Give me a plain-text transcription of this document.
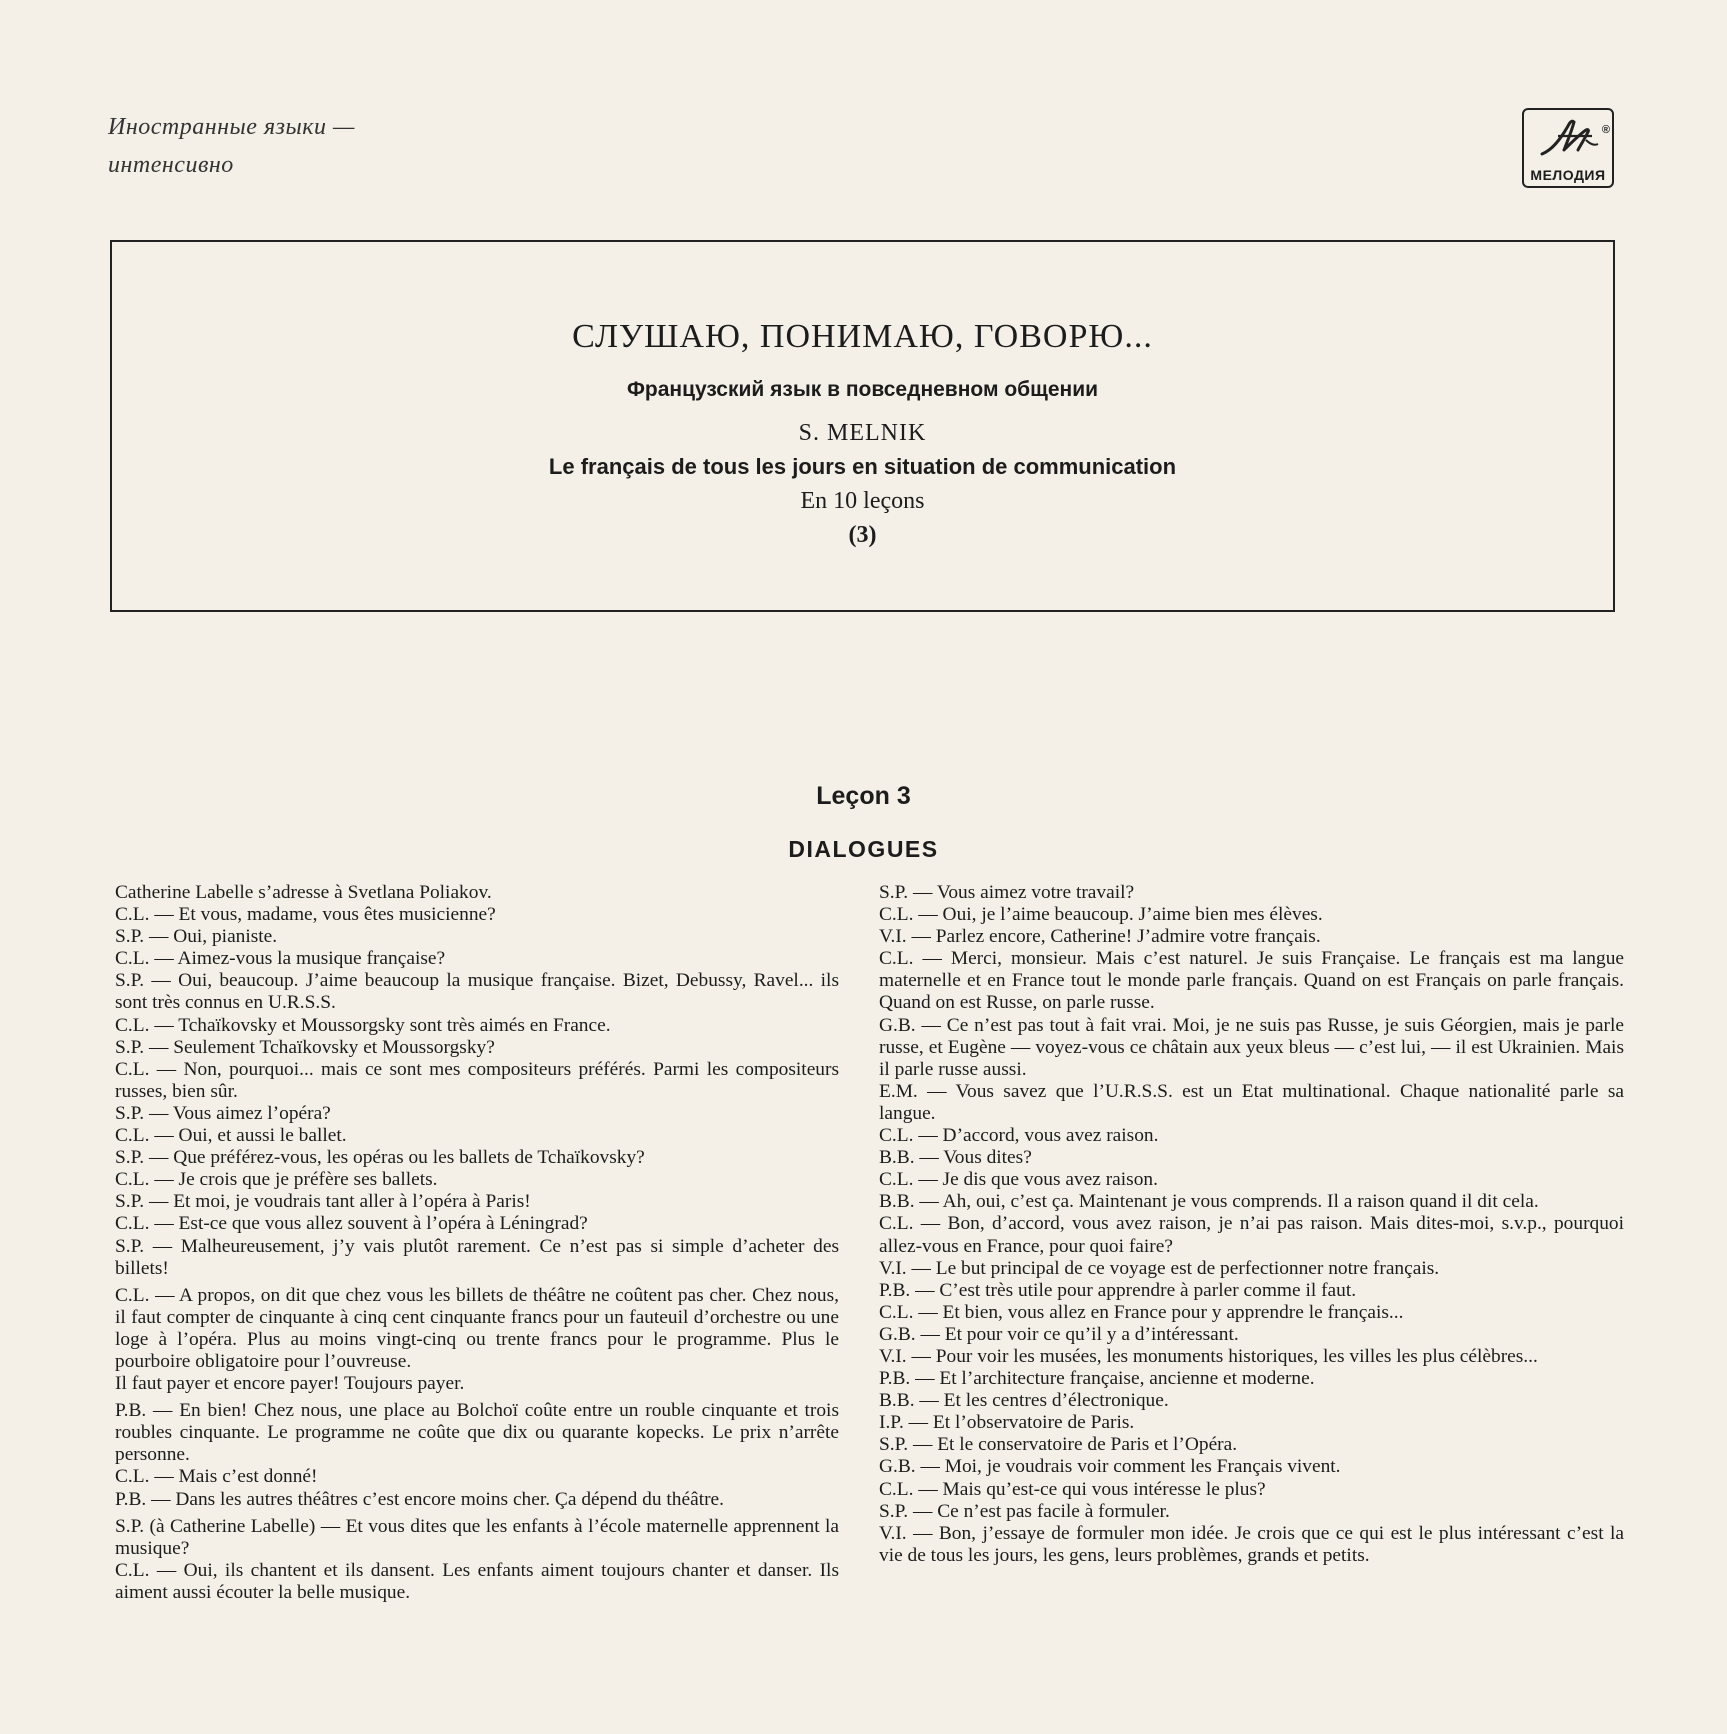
Иностранные языки —
интенсивно
®
МЕЛОДИЯ
СЛУШАЮ, ПОНИМАЮ, ГОВОРЮ...
Французский язык в повседневном общении
S. MELNIK
Le français de tous les jours en situation de communication
En 10 leçons
(3)
Leçon 3
DIALOGUES

Catherine Labelle s’adresse à Svetlana Poliakov.

C.L. — Et vous, madame, vous êtes musicienne?

S.P. — Oui, pianiste.

C.L. — Aimez-vous la musique française?

S.P. — Oui, beaucoup. J’aime beaucoup la musique française. Bizet, Debussy, Ravel... ils sont très connus en U.R.S.S.

C.L. — Tchaïkovsky et Moussorgsky sont très aimés en France.

S.P. — Seulement Tchaïkovsky et Moussorgsky?

C.L. — Non, pourquoi... mais ce sont mes compositeurs préférés. Parmi les compositeurs russes, bien sûr.

S.P. — Vous aimez l’opéra?

C.L. — Oui, et aussi le ballet.

S.P. — Que préférez-vous, les opéras ou les ballets de Tchaïkovsky?

C.L. — Je crois que je préfère ses ballets.

S.P. — Et moi, je voudrais tant aller à l’opéra à Paris!

C.L. — Est-ce que vous allez souvent à l’opéra à Léningrad?

S.P. — Malheureusement, j’y vais plutôt rarement. Ce n’est pas si simple d’acheter des billets!

C.L. — A propos, on dit que chez vous les billets de théâtre ne coûtent pas cher. Chez nous, il faut compter de cinquante à cinq cent cinquante francs pour un fauteuil d’orchestre ou une loge à l’opéra. Plus au moins vingt-cinq ou trente francs pour le programme. Plus le pourboire obligatoire pour l’ouvreuse.

Il faut payer et encore payer! Toujours payer.

P.B. — En bien! Chez nous, une place au Bolchoï coûte entre un rouble cinquante et trois roubles cinquante. Le programme ne coûte que dix ou quarante kopecks. Le prix n’arrête personne.

C.L. — Mais c’est donné!

P.B. — Dans les autres théâtres c’est encore moins cher. Ça dépend du théâtre.

S.P. (à Catherine Labelle) — Et vous dites que les enfants à l’école maternelle apprennent la musique?

C.L. — Oui, ils chantent et ils dansent. Les enfants aiment toujours chanter et danser. Ils aiment aussi écouter la belle musique.

S.P. — Vous aimez votre travail?

C.L. — Oui, je l’aime beaucoup. J’aime bien mes élèves.

V.I. — Parlez encore, Catherine! J’admire votre français.

C.L. — Merci, monsieur. Mais c’est naturel. Je suis Française. Le français est ma langue maternelle et en France tout le monde parle français. Quand on est Français on parle français. Quand on est Russe, on parle russe.

G.B. — Ce n’est pas tout à fait vrai. Moi, je ne suis pas Russe, je suis Géorgien, mais je parle russe, et Eugène — voyez-vous ce châtain aux yeux bleus — c’est lui, — il est Ukrainien. Mais il parle russe aussi.

E.M. — Vous savez que l’U.R.S.S. est un Etat multinational. Chaque nationalité parle sa langue.

C.L. — D’accord, vous avez raison.

B.B. — Vous dites?

C.L. — Je dis que vous avez raison.

B.B. — Ah, oui, c’est ça. Maintenant je vous comprends. Il a raison quand il dit cela.

C.L. — Bon, d’accord, vous avez raison, je n’ai pas raison. Mais dites-moi, s.v.p., pourquoi allez-vous en France, pour quoi faire?

V.I. — Le but principal de ce voyage est de perfectionner notre français.

P.B. — C’est très utile pour apprendre à parler comme il faut.

C.L. — Et bien, vous allez en France pour y apprendre le français...

G.B. — Et pour voir ce qu’il y a d’intéressant.

V.I. — Pour voir les musées, les monuments historiques, les villes les plus célèbres...

P.B. — Et l’architecture française, ancienne et moderne.

B.B. — Et les centres d’électronique.

I.P. — Et l’observatoire de Paris.

S.P. — Et le conservatoire de Paris et l’Opéra.

G.B. — Moi, je voudrais voir comment les Français vivent.

C.L. — Mais qu’est-ce qui vous intéresse le plus?

S.P. — Ce n’est pas facile à formuler.

V.I. — Bon, j’essaye de formuler mon idée. Je crois que ce qui est le plus intéressant c’est la vie de tous les jours, les gens, leurs problèmes, grands et petits.
